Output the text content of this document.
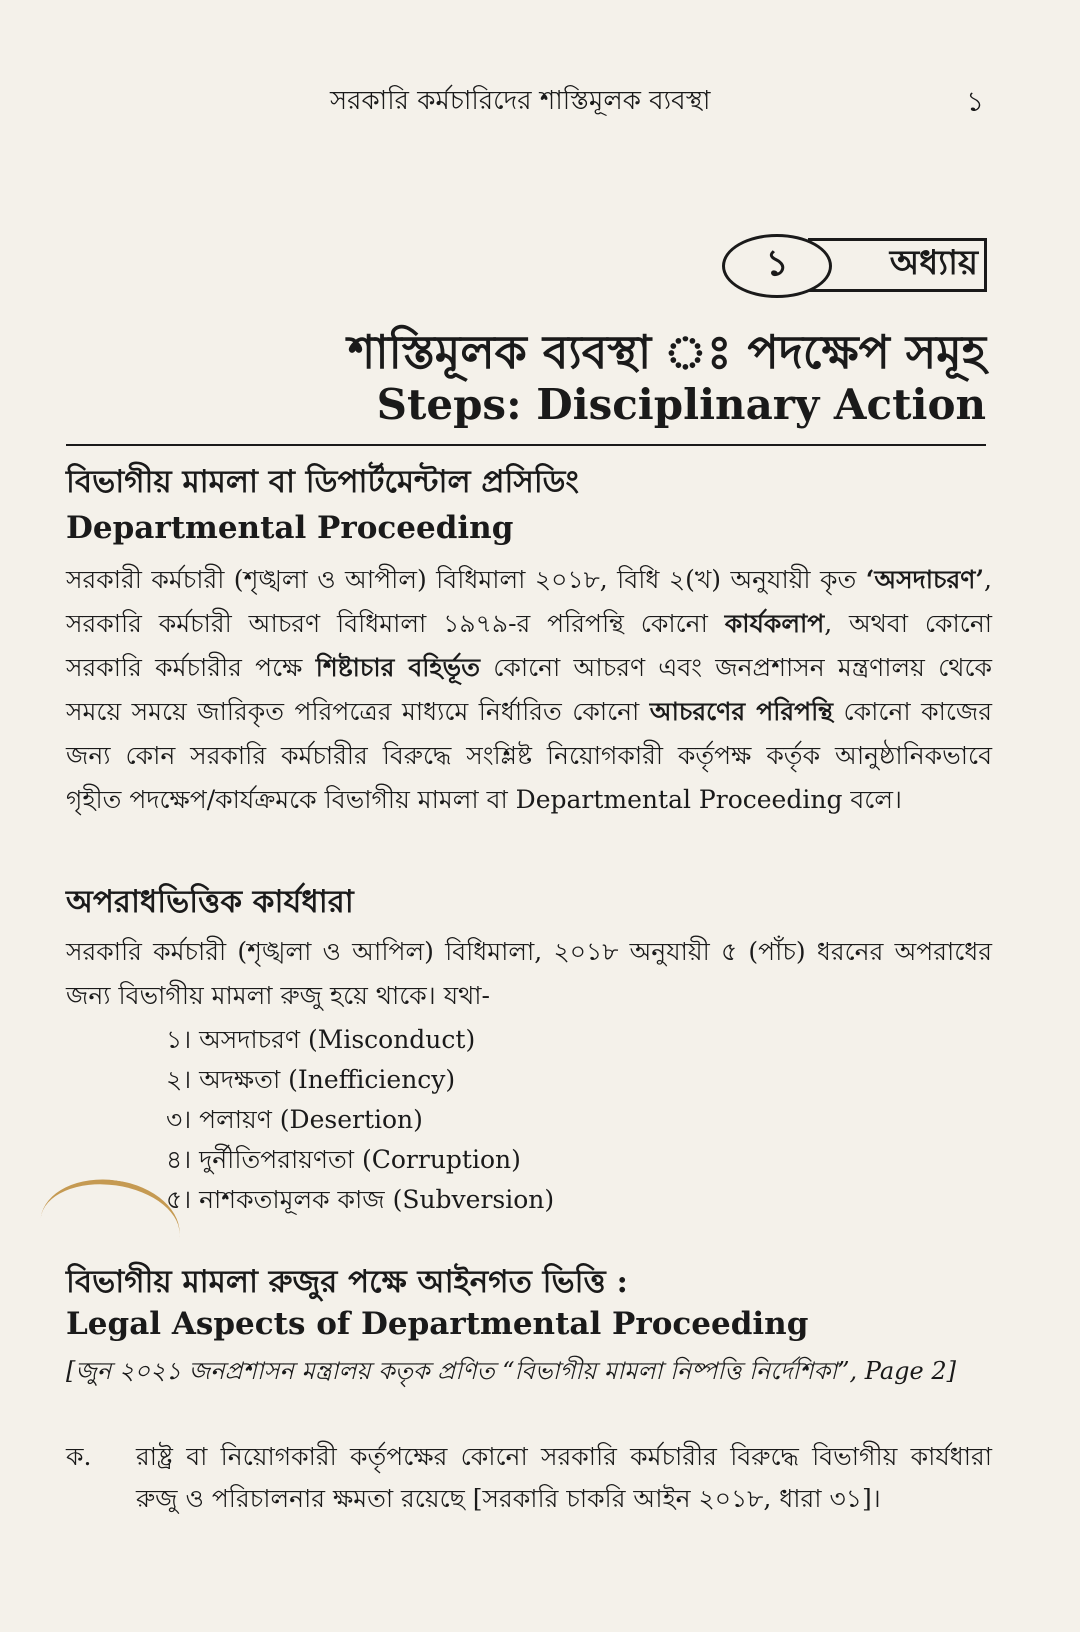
সরকারি কর্মচারিদের শাস্তিমূলক ব্যবস্থা	১
১	অধ্যায়
শাস্তিমূলক ব্যবস্থা ঃ পদক্ষেপ সমূহ
Steps: Disciplinary Action
বিভাগীয় মামলা বা ডিপার্টমেন্টাল প্রসিডিং
Departmental Proceeding
সরকারী কর্মচারী (শৃঙ্খলা ও আপীল) বিধিমালা ২০১৮, বিধি ২(খ) অনুযায়ী কৃত ‘অসদাচরণ’, সরকারি কর্মচারী আচরণ বিধিমালা ১৯৭৯-র পরিপন্থি কোনো কার্যকলাপ, অথবা কোনো সরকারি কর্মচারীর পক্ষে শিষ্টাচার বহির্ভূত কোনো আচরণ এবং জনপ্রশাসন মন্ত্রণালয় থেকে সময়ে সময়ে জারিকৃত পরিপত্রের মাধ্যমে নির্ধারিত কোনো আচরণের পরিপন্থি কোনো কাজের জন্য কোন সরকারি কর্মচারীর বিরুদ্ধে সংশ্লিষ্ট নিয়োগকারী কর্তৃপক্ষ কর্তৃক আনুষ্ঠানিকভাবে গৃহীত পদক্ষেপ/কার্যক্রমকে বিভাগীয় মামলা বা Departmental Proceeding বলে।
অপরাধভিত্তিক কার্যধারা
সরকারি কর্মচারী (শৃঙ্খলা ও আপিল) বিধিমালা, ২০১৮ অনুযায়ী ৫ (পাঁচ) ধরনের অপরাধের জন্য বিভাগীয় মামলা রুজু হয়ে থাকে। যথা-
১। অসদাচরণ (Misconduct)
২। অদক্ষতা (Inefficiency)
৩। পলায়ণ (Desertion)
৪। দুর্নীতিপরায়ণতা (Corruption)
৫। নাশকতামূলক কাজ (Subversion)
বিভাগীয় মামলা রুজুর পক্ষে আইনগত ভিত্তি :
Legal Aspects of Departmental Proceeding
[জুন ২০২১ জনপ্রশাসন মন্ত্রালয় কতৃক প্রণিত “বিভাগীয় মামলা নিষ্পত্তি নির্দেশিকা”, Page 2]
ক. রাষ্ট্র বা নিয়োগকারী কর্তৃপক্ষের কোনো সরকারি কর্মচারীর বিরুদ্ধে বিভাগীয় কার্যধারা রুজু ও পরিচালনার ক্ষমতা রয়েছে [সরকারি চাকরি আইন ২০১৮, ধারা ৩১]।
